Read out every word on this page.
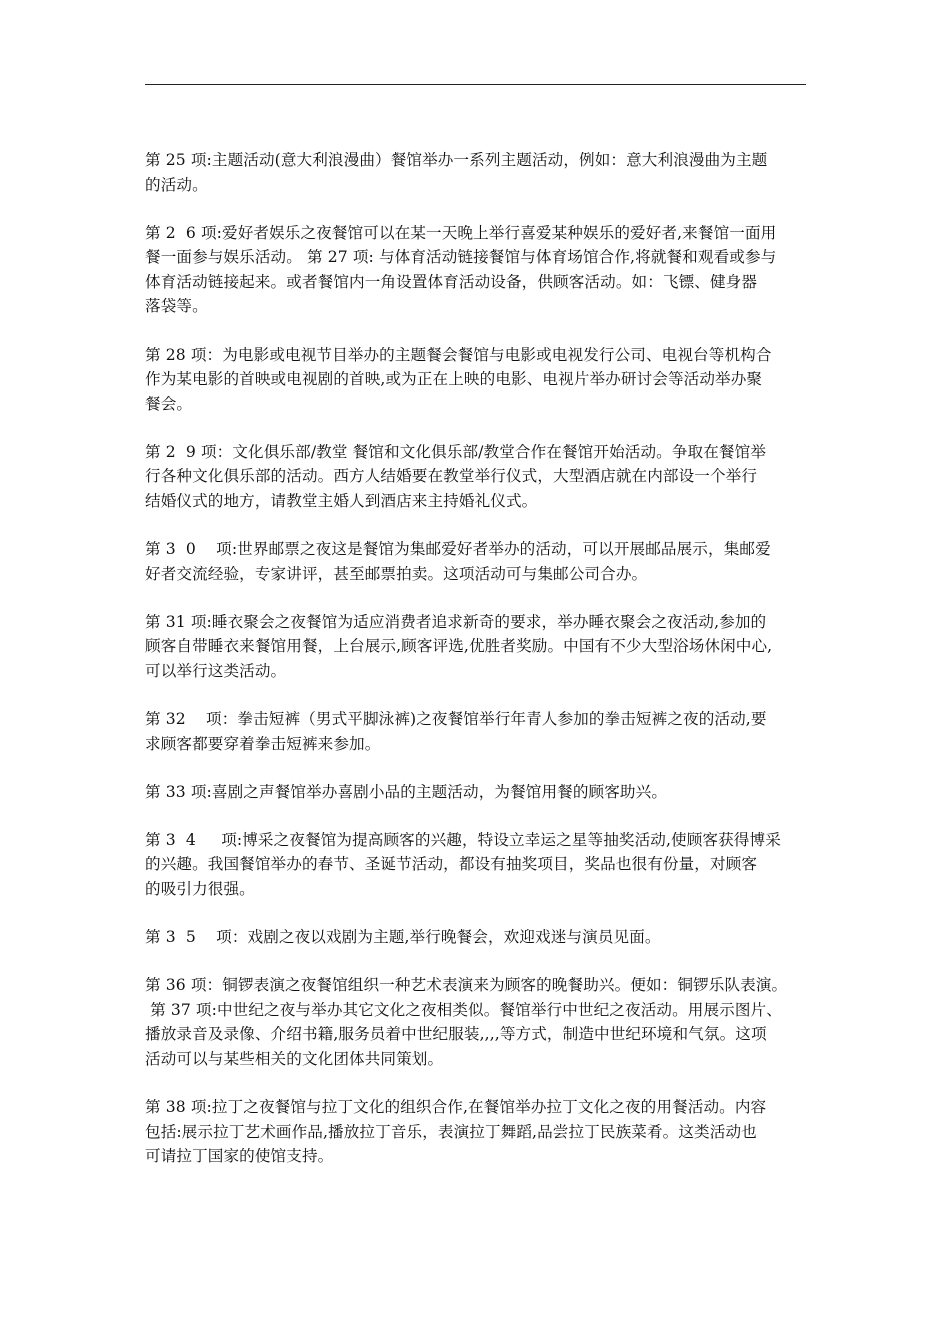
第 25 项:主题活动(意大利浪漫曲）餐馆举办一系列主题活动，例如：意大利浪漫曲为主题
的活动。

第 2  6 项:爱好者娱乐之夜餐馆可以在某一天晚上举行喜爱某种娱乐的爱好者,来餐馆一面用
餐一面参与娱乐活动。 第 27 项: 与体育活动链接餐馆与体育场馆合作,将就餐和观看或参与
体育活动链接起来。或者餐馆内一角设置体育活动设备，供顾客活动。如：飞镖、健身器
落袋等。

第 28 项：为电影或电视节目举办的主题餐会餐馆与电影或电视发行公司、电视台等机构合
作为某电影的首映或电视剧的首映,或为正在上映的电影、电视片举办研讨会等活动举办聚
餐会。

第 2  9 项：文化俱乐部/教堂 餐馆和文化俱乐部/教堂合作在餐馆开始活动。争取在餐馆举
行各种文化俱乐部的活动。西方人结婚要在教堂举行仪式，大型酒店就在内部设一个举行
结婚仪式的地方，请教堂主婚人到酒店来主持婚礼仪式。

第 3  0    项:世界邮票之夜这是餐馆为集邮爱好者举办的活动，可以开展邮品展示，集邮爱
好者交流经验，专家讲评，甚至邮票拍卖。这项活动可与集邮公司合办。

第 31 项:睡衣聚会之夜餐馆为适应消费者追求新奇的要求，举办睡衣聚会之夜活动,参加的
顾客自带睡衣来餐馆用餐，上台展示,顾客评选,优胜者奖励。中国有不少大型浴场休闲中心,
可以举行这类活动。

第 32    项：拳击短裤（男式平脚泳裤)之夜餐馆举行年青人参加的拳击短裤之夜的活动,要
求顾客都要穿着拳击短裤来参加。

第 33 项:喜剧之声餐馆举办喜剧小品的主题活动，为餐馆用餐的顾客助兴。

第 3  4     项:博采之夜餐馆为提高顾客的兴趣，特设立幸运之星等抽奖活动,使顾客获得博采
的兴趣。我国餐馆举办的春节、圣诞节活动，都设有抽奖项目，奖品也很有份量，对顾客
的吸引力很强。

第 3  5    项：戏剧之夜以戏剧为主题,举行晚餐会，欢迎戏迷与演员见面。

第 36 项：铜锣表演之夜餐馆组织一种艺术表演来为顾客的晚餐助兴。便如：铜锣乐队表演。
第 37 项:中世纪之夜与举办其它文化之夜相类似。餐馆举行中世纪之夜活动。用展示图片、
播放录音及录像、介绍书籍,服务员着中世纪服装,,,,等方式，制造中世纪环境和气氛。这项
活动可以与某些相关的文化团体共同策划。

第 38 项:拉丁之夜餐馆与拉丁文化的组织合作,在餐馆举办拉丁文化之夜的用餐活动。内容
包括:展示拉丁艺术画作品,播放拉丁音乐，表演拉丁舞蹈,品尝拉丁民族菜肴。这类活动也
可请拉丁国家的使馆支持。
